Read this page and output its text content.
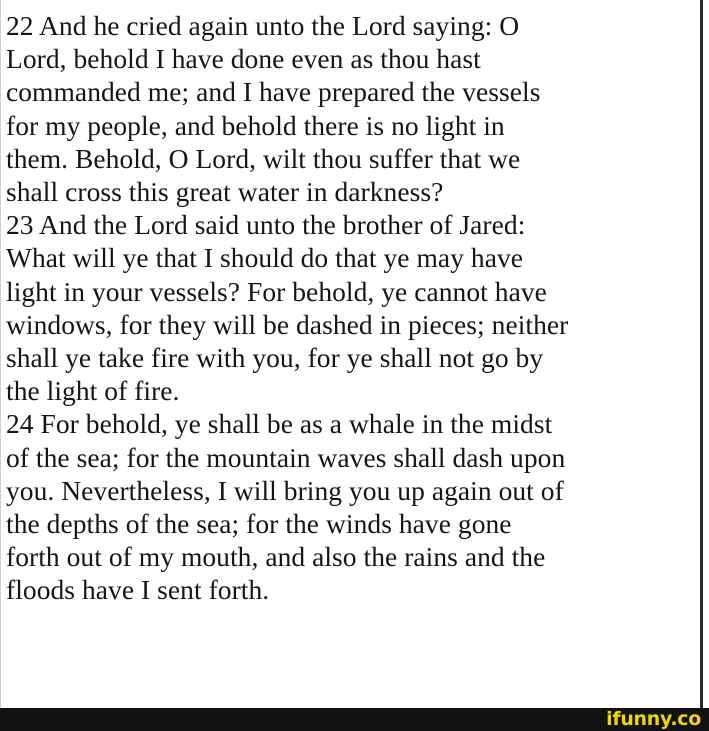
22 And he cried again unto the Lord saying: O
Lord, behold I have done even as thou hast
commanded me; and I have prepared the vessels
for my people, and behold there is no light in
them. Behold, O Lord, wilt thou suffer that we
shall cross this great water in darkness?
23 And the Lord said unto the brother of Jared:
What will ye that I should do that ye may have
light in your vessels? For behold, ye cannot have
windows, for they will be dashed in pieces; neither
shall ye take fire with you, for ye shall not go by
the light of fire.
24 For behold, ye shall be as a whale in the midst
of the sea; for the mountain waves shall dash upon
you. Nevertheless, I will bring you up again out of
the depths of the sea; for the winds have gone
forth out of my mouth, and also the rains and the
floods have I sent forth.
ifunny.co
